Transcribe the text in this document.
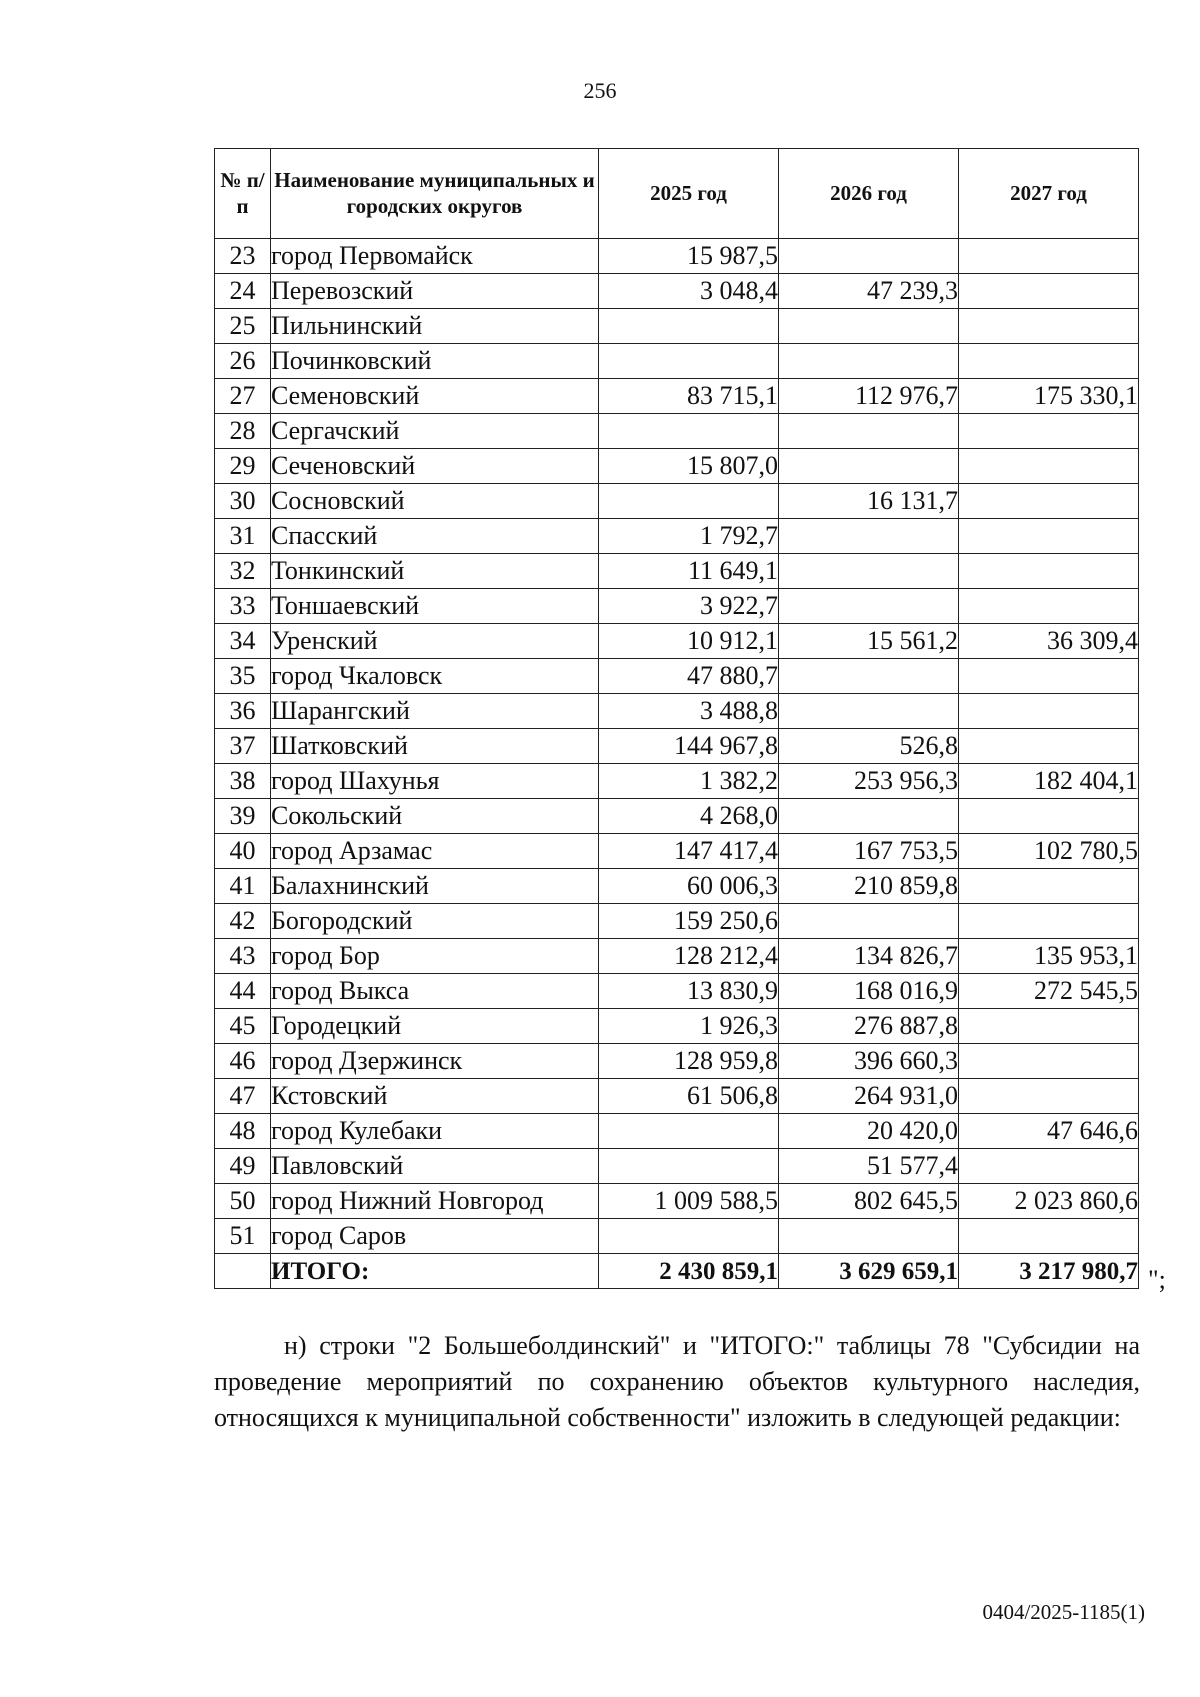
256
№ п/п	Наименование муниципальных и городских округов	2025 год	2026 год	2027 год
23	город Первомайск	15 987,5		
24	Перевозский	3 048,4	47 239,3	
25	Пильнинский			
26	Починковский			
27	Семеновский	83 715,1	112 976,7	175 330,1
28	Сергачский			
29	Сеченовский	15 807,0		
30	Сосновский		16 131,7	
31	Спасский	1 792,7		
32	Тонкинский	11 649,1		
33	Тоншаевский	3 922,7		
34	Уренский	10 912,1	15 561,2	36 309,4
35	город Чкаловск	47 880,7		
36	Шарангский	3 488,8		
37	Шатковский	144 967,8	526,8	
38	город Шахунья	1 382,2	253 956,3	182 404,1
39	Сокольский	4 268,0		
40	город Арзамас	147 417,4	167 753,5	102 780,5
41	Балахнинский	60 006,3	210 859,8	
42	Богородский	159 250,6		
43	город Бор	128 212,4	134 826,7	135 953,1
44	город Выкса	13 830,9	168 016,9	272 545,5
45	Городецкий	1 926,3	276 887,8	
46	город Дзержинск	128 959,8	396 660,3	
47	Кстовский	61 506,8	264 931,0	
48	город Кулебаки		20 420,0	47 646,6
49	Павловский		51 577,4	
50	город Нижний Новгород	1 009 588,5	802 645,5	2 023 860,6
51	город Саров			
	ИТОГО:	2 430 859,1	3 629 659,1	3 217 980,7 ";
н) строки "2 Большеболдинский" и "ИТОГО:" таблицы 78 "Субсидии на проведение мероприятий по сохранению объектов культурного наследия, относящихся к муниципальной собственности" изложить в следующей редакции:
0404/2025-1185(1)
